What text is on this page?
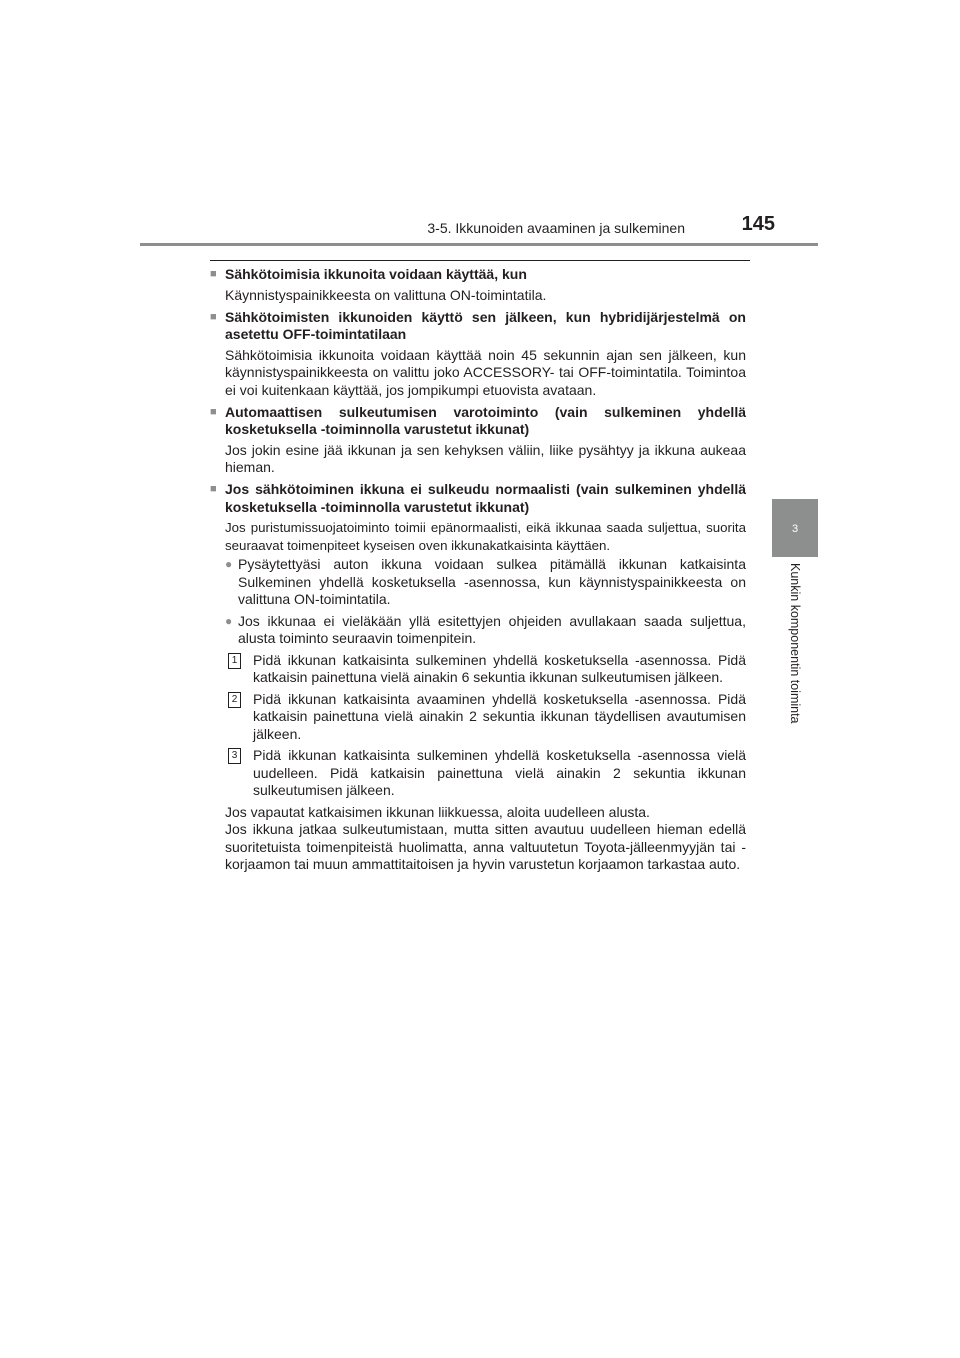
3-5. Ikkunoiden avaaminen ja sulkeminen	145
3
Kunkin komponentin toiminta
■ Sähkötoimisia ikkunoita voidaan käyttää, kun
Käynnistyspainikkeesta on valittuna ON-toimintatila.
■ Sähkötoimisten ikkunoiden käyttö sen jälkeen, kun hybridijärjestelmä on asetettu OFF-toimintatilaan
Sähkötoimisia ikkunoita voidaan käyttää noin 45 sekunnin ajan sen jälkeen, kun käynnistyspainikkeesta on valittu joko ACCESSORY- tai OFF-toimintatila. Toimintoa ei voi kuitenkaan käyttää, jos jompikumpi etuovista avataan.
■ Automaattisen sulkeutumisen varotoiminto (vain sulkeminen yhdellä kosketuksella -toiminnolla varustetut ikkunat)
Jos jokin esine jää ikkunan ja sen kehyksen väliin, liike pysähtyy ja ikkuna aukeaa hieman.
■ Jos sähkötoiminen ikkuna ei sulkeudu normaalisti (vain sulkeminen yhdellä kosketuksella -toiminnolla varustetut ikkunat)
Jos puristumissuojatoiminto toimii epänormaalisti, eikä ikkunaa saada suljettua, suorita seuraavat toimenpiteet kyseisen oven ikkunakatkaisinta käyttäen.
● Pysäytettyäsi auton ikkuna voidaan sulkea pitämällä ikkunan katkaisinta Sulkeminen yhdellä kosketuksella -asennossa, kun käynnistyspainikkeesta on valittuna ON-toimintatila.
● Jos ikkunaa ei vieläkään yllä esitettyjen ohjeiden avullakaan saada suljettua, alusta toiminto seuraavin toimenpitein.
1 Pidä ikkunan katkaisinta sulkeminen yhdellä kosketuksella -asennossa. Pidä katkaisin painettuna vielä ainakin 6 sekuntia ikkunan sulkeutumisen jälkeen.
2 Pidä ikkunan katkaisinta avaaminen yhdellä kosketuksella -asennossa. Pidä katkaisin painettuna vielä ainakin 2 sekuntia ikkunan täydellisen avautumisen jälkeen.
3 Pidä ikkunan katkaisinta sulkeminen yhdellä kosketuksella -asennossa vielä uudelleen. Pidä katkaisin painettuna vielä ainakin 2 sekuntia ikkunan sulkeutumisen jälkeen.

Jos vapautat katkaisimen ikkunan liikkuessa, aloita uudelleen alusta.

Jos ikkuna jatkaa sulkeutumistaan, mutta sitten avautuu uudelleen hieman edellä suoritetuista toimenpiteistä huolimatta, anna valtuutetun Toyota-jälleenmyyjän tai -korjaamon tai muun ammattitaitoisen ja hyvin varustetun korjaamon tarkastaa auto.
